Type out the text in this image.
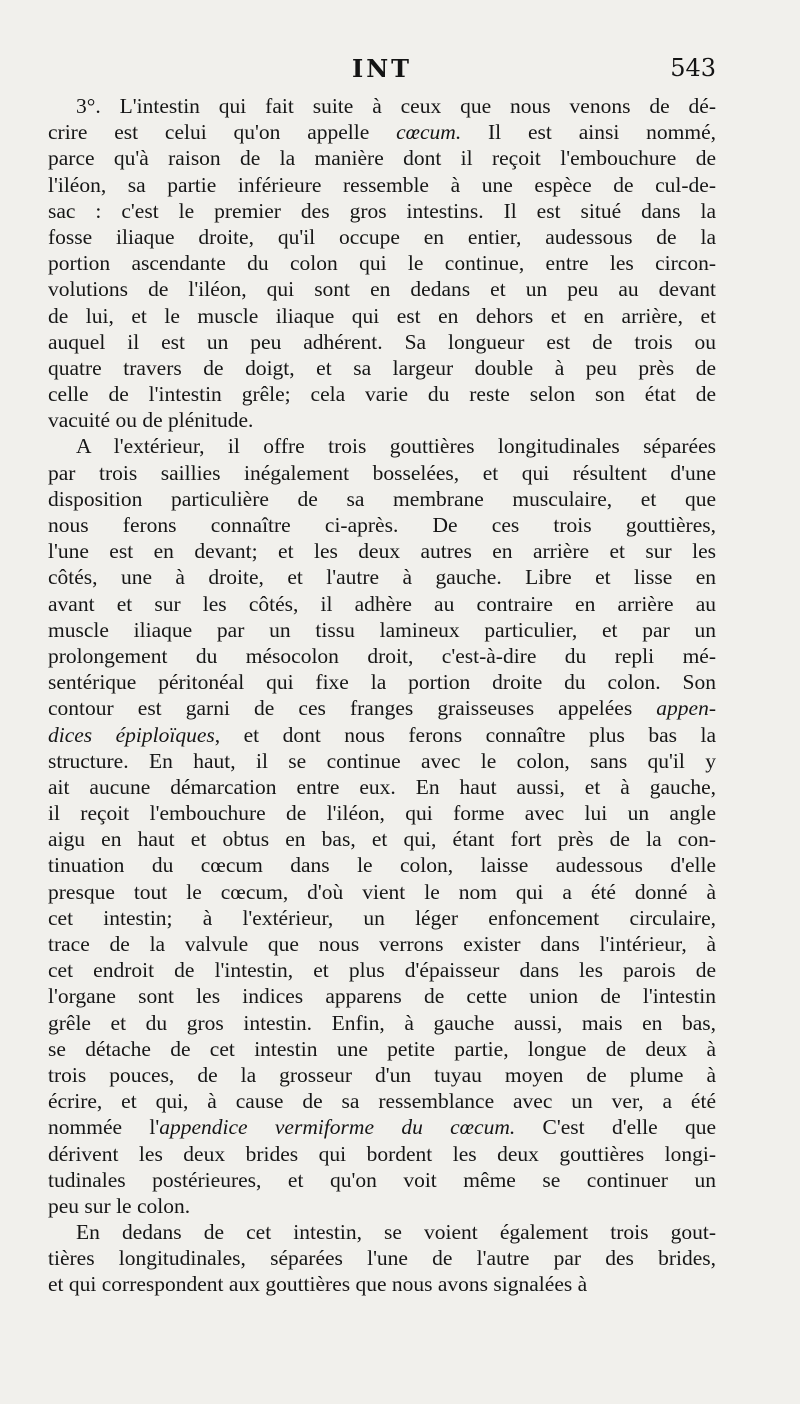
INT	543
3°. L'intestin qui fait suite à ceux que nous venons de dé-
crire est celui qu'on appelle cœcum. Il est ainsi nommé,
parce qu'à raison de la manière dont il reçoit l'embouchure de
l'iléon, sa partie inférieure ressemble à une espèce de cul-de-
sac : c'est le premier des gros intestins. Il est situé dans la
fosse iliaque droite, qu'il occupe en entier, audessous de la
portion ascendante du colon qui le continue, entre les circon-
volutions de l'iléon, qui sont en dedans et un peu au devant
de lui, et le muscle iliaque qui est en dehors et en arrière, et
auquel il est un peu adhérent. Sa longueur est de trois ou
quatre travers de doigt, et sa largeur double à peu près de
celle de l'intestin grêle; cela varie du reste selon son état de
vacuité ou de plénitude.
A l'extérieur, il offre trois gouttières longitudinales séparées
par trois saillies inégalement bosselées, et qui résultent d'une
disposition particulière de sa membrane musculaire, et que
nous ferons connaître ci-après. De ces trois gouttières,
l'une est en devant; et les deux autres en arrière et sur les
côtés, une à droite, et l'autre à gauche. Libre et lisse en
avant et sur les côtés, il adhère au contraire en arrière au
muscle iliaque par un tissu lamineux particulier, et par un
prolongement du mésocolon droit, c'est-à-dire du repli mé-
sentérique péritonéal qui fixe la portion droite du colon. Son
contour est garni de ces franges graisseuses appelées appen-
dices épiploïques, et dont nous ferons connaître plus bas la
structure. En haut, il se continue avec le colon, sans qu'il y
ait aucune démarcation entre eux. En haut aussi, et à gauche,
il reçoit l'embouchure de l'iléon, qui forme avec lui un angle
aigu en haut et obtus en bas, et qui, étant fort près de la con-
tinuation du cœcum dans le colon, laisse audessous d'elle
presque tout le cœcum, d'où vient le nom qui a été donné à
cet intestin; à l'extérieur, un léger enfoncement circulaire,
trace de la valvule que nous verrons exister dans l'intérieur, à
cet endroit de l'intestin, et plus d'épaisseur dans les parois de
l'organe sont les indices apparens de cette union de l'intestin
grêle et du gros intestin. Enfin, à gauche aussi, mais en bas,
se détache de cet intestin une petite partie, longue de deux à
trois pouces, de la grosseur d'un tuyau moyen de plume à
écrire, et qui, à cause de sa ressemblance avec un ver, a été
nommée l'appendice vermiforme du cœcum. C'est d'elle que
dérivent les deux brides qui bordent les deux gouttières longi-
tudinales postérieures, et qu'on voit même se continuer un
peu sur le colon.
En dedans de cet intestin, se voient également trois gout-
tières longitudinales, séparées l'une de l'autre par des brides,
et qui correspondent aux gouttières que nous avons signalées à
